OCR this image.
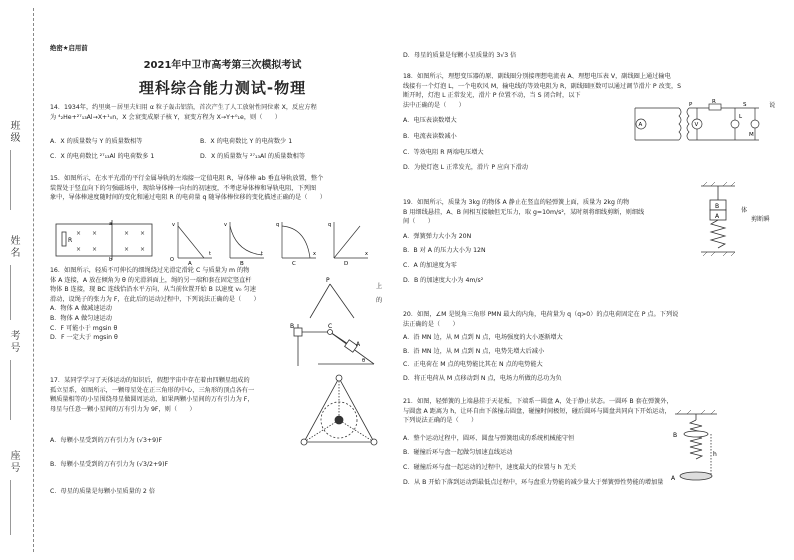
班级
姓名
考号
座号

绝密★启用前

2021年中卫市高考第三次模拟考试
理科综合能力测试-物理

14．1934年，约里奥－居里夫妇用 α 粒子轰击铝箔，首次产生了人工放射性同位素 X，反应方程

为 ⁴₂He+²⁷₁₃Al→X+¹₀n，X 会衰变成原子核 Y，衰变方程为 X→Y+⁰₁e，则（　　）

A．X 的质量数与 Y 的质量数相等	B．X 的电荷数比 Y 的电荷数少 1

C．X 的电荷数比 ²⁷₁₃Al 的电荷数多 1	D．X 的质量数与 ²⁷₁₃Al 的质量数相等

15．如图所示，在水平光滑的平行金属导轨的左端接一定值电阻 R，导体棒 ab 垂直导轨放置，整个

装置处于竖直向下的匀强磁场中，现给导体棒一向右的初速度，不考虑导体棒和导轨电阻，下列图

象中，导体棒速度随时间的变化和通过电阻 R 的电荷量 q 随导体棒位移的变化描述正确的是（　　）

R
a
b
× ×	× ×
× ×	× ×
v
t
O
A
v
t
B
q
x
C
q
x
D

16．如图所示，轻质不可伸长的细绳绕过光滑定滑轮 C 与质量为 m 的物

体 A 连接，A 放在倾角为 θ 的光滑斜面上，绳的另一端和套在固定竖直杆

物体 B 连接，现 BC 连线恰沿水平方向，从当前位置开始 B 以速度 v₀ 匀速

滑动，设绳子的张力为 F，在此后的运动过程中，下列说法正确的是（　　）

A．物体 A 做减速运动

B．物体 A 做匀速运动

C．F 可能小于 mgsin θ

D．F 一定大于 mgsin θ

上

的

P
C
A
B
θ

17．某同学学习了天体运动的知识后，假想宇宙中存在着由四颗星组成的

孤立星系，如图所示，一颗母星处在正三角形的中心，三角形的顶点各有一

颗质量相等的小星围绕母星做圆周运动，如果两颗小星间的万有引力为 F，

母星与任意一颗小星间的万有引力为 9F，则（　　）

A．每颗小星受到的万有引力为 (√3+9)F

B．每颗小星受到的万有引力为 (√3/2+9)F

C．母星的质量是每颗小星质量的 2 倍

D．母星的质量是每颗小星质量的 3√3 倍

18．如图所示，理想变压器的原、副线圈分别接理想电流表 A、理想电压表 V，副线圈上通过输电

线接有一个灯泡 L，一个电吹风 M，输电线的等效电阻为 R，副线圈匝数可以通过调节滑片 P 改变，S

断开时，灯泡 L 正常发光，滑片 P 位置不动，当 S 闭合时，以下

法中正确的是（　　）

A．电压表读数增大

B．电流表读数减小

C．等效电阻 R 两端电压增大

D．为使灯泡 L 正常发光，滑片 P 应向下滑动

说

A	V
P	R
L
M
S

19．如图所示，质量为 3kg 的物体 A 静止在竖直的轻弹簧上面，质量为 2kg 的物

B 用细线悬挂，A、B 间相互接触但无压力，取 g=10m/s²，某时刻将细线剪断，则细线

间（　　）

A．弹簧弹力大小为 20N

B．B 对 A 的压力大小为 12N

C．A 的加速度为零

D．B 的加速度大小为 4m/s²

体

剪断瞬

B
A

20．如图，∠M 是锐角三角形 PMN 最大的内角，电荷量为 q（q>0）的点电荷固定在 P 点。下列说

法正确的是（　　）

A．沿 MN 边，从 M 点到 N 点，电场强度的大小逐渐增大

B．沿 MN 边，从 M 点到 N 点，电势先增大后减小

C．正电荷在 M 点的电势能比其在 N 点的电势能大

D．将正电荷从 M 点移动到 N 点，电场力所做的总功为负

21．如图，轻弹簧的上端悬挂于天花板，下端系一圆盘 A，处于静止状态。一圆环 B 套在弹簧外，

与圆盘 A 距离为 h，让环自由下落撞击圆盘，碰撞时间极短，碰后圆环与圆盘共同向下开始运动，

下列说法正确的是（　　）

A．整个运动过程中，圆环、圆盘与弹簧组成的系统机械能守恒

B．碰撞后环与盘一起做匀加速直线运动

C．碰撞后环与盘一起运动的过程中，速度最大的位置与 h 无关

D．从 B 开始下落到运动到最低点过程中，环与盘重力势能的减少量大于弹簧弹性势能的增加量

B
h
A
